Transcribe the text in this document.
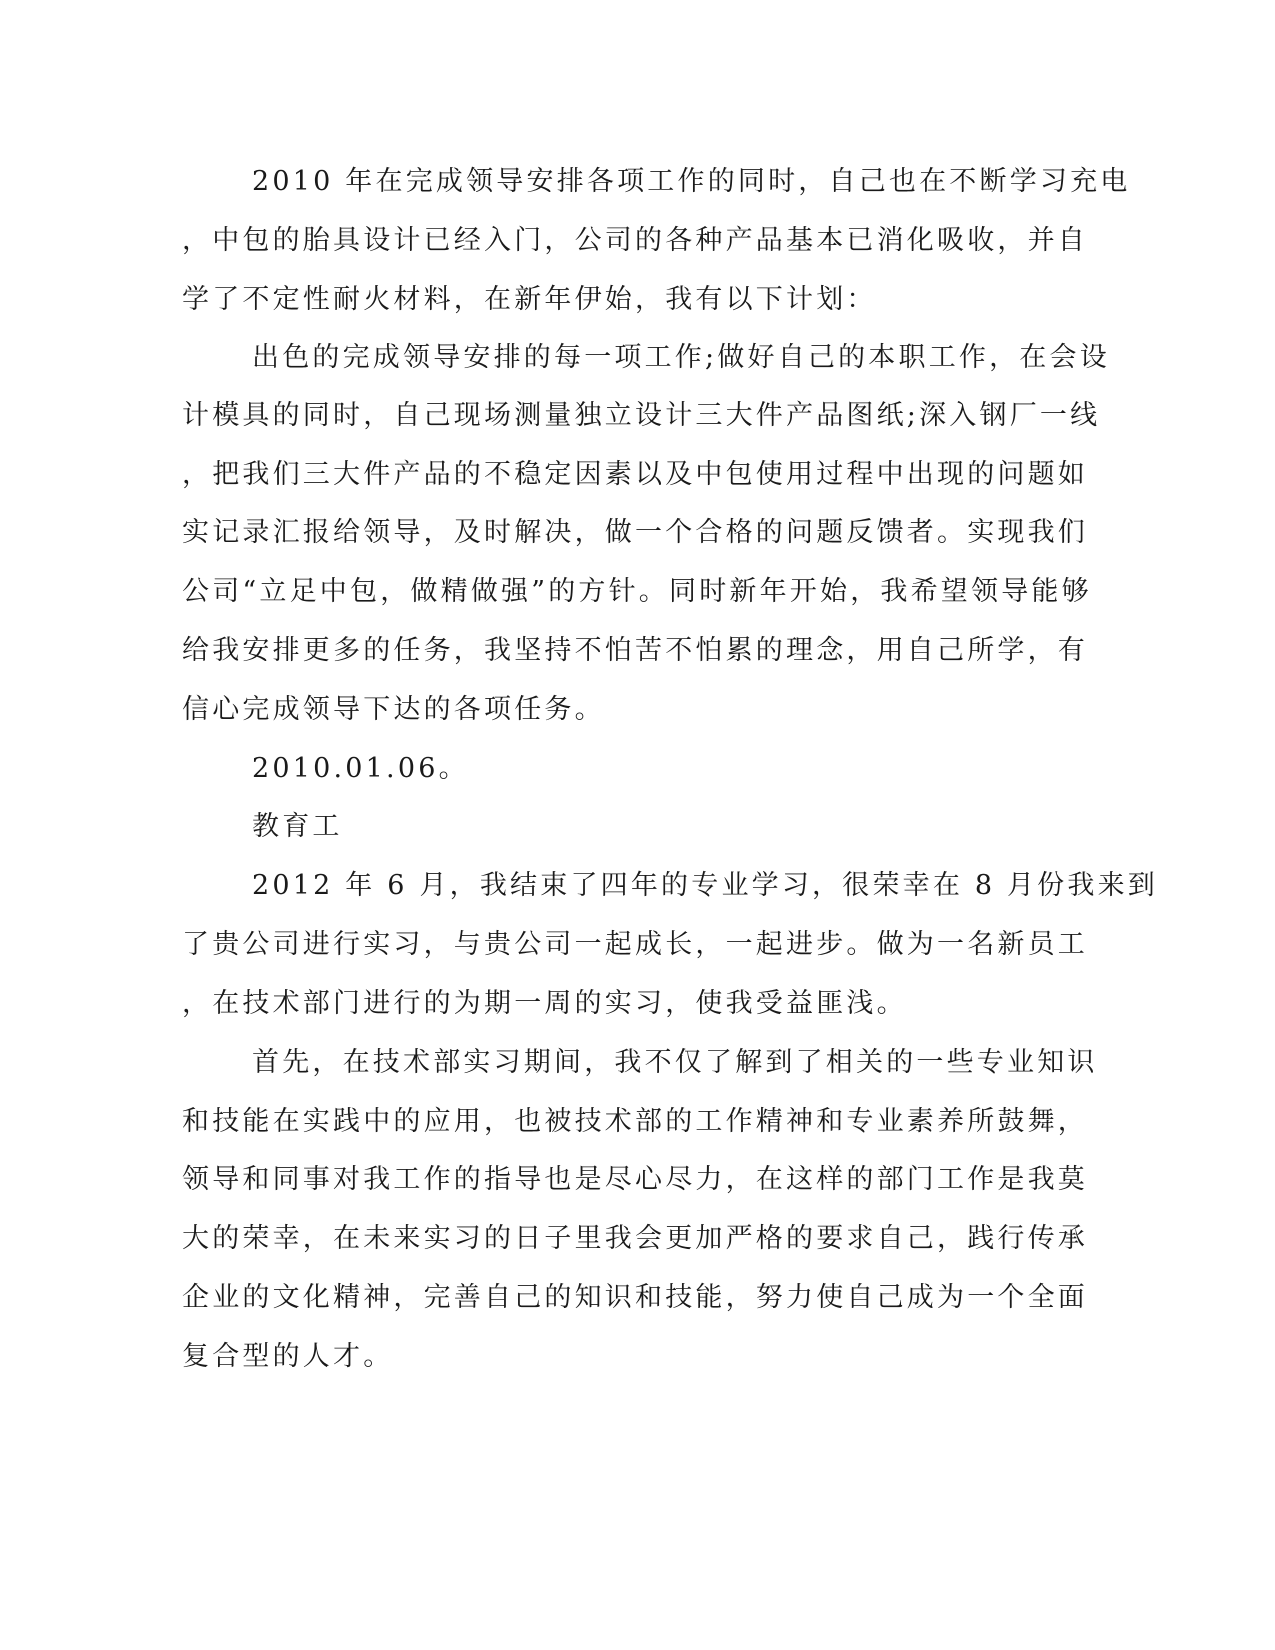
2010 年在完成领导安排各项工作的同时，自己也在不断学习充电
，中包的胎具设计已经入门，公司的各种产品基本已消化吸收，并自
学了不定性耐火材料，在新年伊始，我有以下计划：
出色的完成领导安排的每一项工作;做好自己的本职工作，在会设
计模具的同时，自己现场测量独立设计三大件产品图纸;深入钢厂一线
，把我们三大件产品的不稳定因素以及中包使用过程中出现的问题如
实记录汇报给领导，及时解决，做一个合格的问题反馈者。实现我们
公司“立足中包，做精做强”的方针。同时新年开始，我希望领导能够
给我安排更多的任务，我坚持不怕苦不怕累的理念，用自己所学，有
信心完成领导下达的各项任务。
2010.01.06。
教育工
2012 年 6 月，我结束了四年的专业学习，很荣幸在 8 月份我来到
了贵公司进行实习，与贵公司一起成长，一起进步。做为一名新员工
，在技术部门进行的为期一周的实习，使我受益匪浅。
首先，在技术部实习期间，我不仅了解到了相关的一些专业知识
和技能在实践中的应用，也被技术部的工作精神和专业素养所鼓舞，
领导和同事对我工作的指导也是尽心尽力，在这样的部门工作是我莫
大的荣幸，在未来实习的日子里我会更加严格的要求自己，践行传承
企业的文化精神，完善自己的知识和技能，努力使自己成为一个全面
复合型的人才。
